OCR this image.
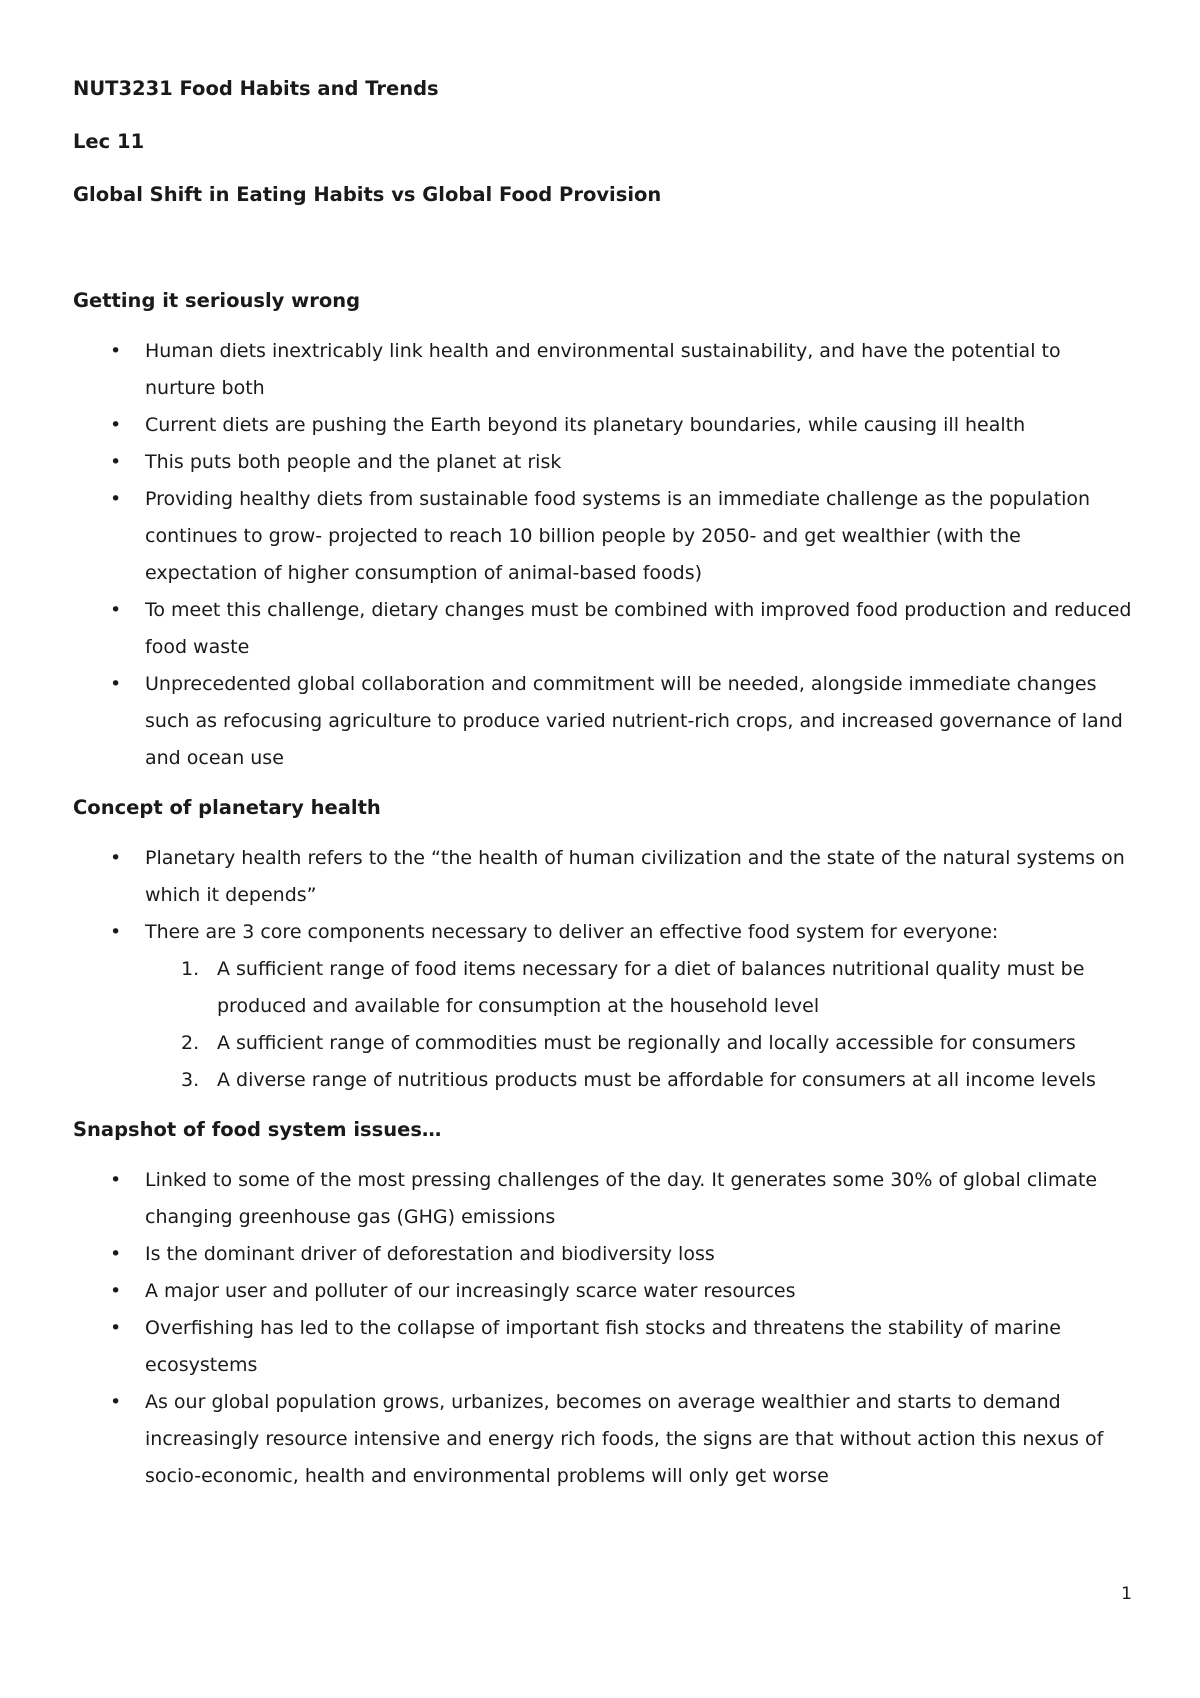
NUT3231 Food Habits and Trends

Lec 11

Global Shift in Eating Habits vs Global Food Provision

Getting it seriously wrong

• Human diets inextricably link health and environmental sustainability, and have the potential to nurture both
• Current diets are pushing the Earth beyond its planetary boundaries, while causing ill health
• This puts both people and the planet at risk
• Providing healthy diets from sustainable food systems is an immediate challenge as the population continues to grow- projected to reach 10 billion people by 2050- and get wealthier (with the expectation of higher consumption of animal-based foods)
• To meet this challenge, dietary changes must be combined with improved food production and reduced food waste
• Unprecedented global collaboration and commitment will be needed, alongside immediate changes such as refocusing agriculture to produce varied nutrient-rich crops, and increased governance of land and ocean use

Concept of planetary health

• Planetary health refers to the “the health of human civilization and the state of the natural systems on which it depends”
• There are 3 core components necessary to deliver an effective food system for everyone:
1. A sufficient range of food items necessary for a diet of balances nutritional quality must be produced and available for consumption at the household level
2. A sufficient range of commodities must be regionally and locally accessible for consumers
3. A diverse range of nutritious products must be affordable for consumers at all income levels

Snapshot of food system issues…

• Linked to some of the most pressing challenges of the day. It generates some 30% of global climate changing greenhouse gas (GHG) emissions
• Is the dominant driver of deforestation and biodiversity loss
• A major user and polluter of our increasingly scarce water resources
• Overfishing has led to the collapse of important fish stocks and threatens the stability of marine ecosystems
• As our global population grows, urbanizes, becomes on average wealthier and starts to demand increasingly resource intensive and energy rich foods, the signs are that without action this nexus of socio-economic, health and environmental problems will only get worse
1
